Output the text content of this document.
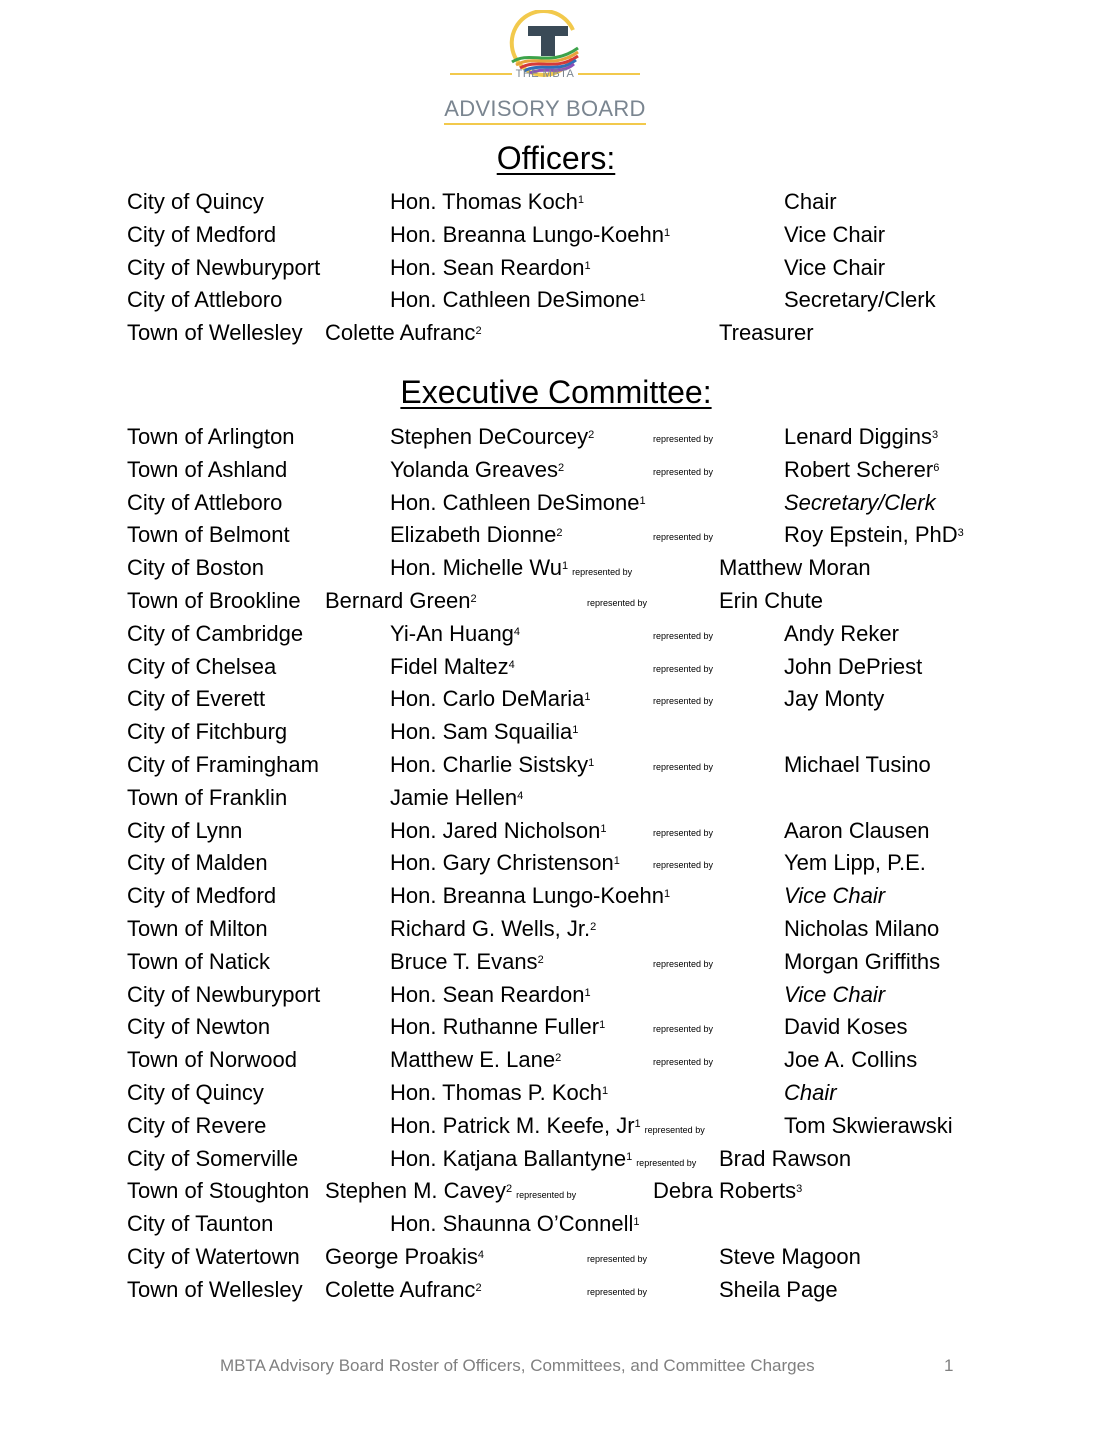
THE MBTA
ADVISORY BOARD
Officers:
City of Quincy	Hon. Thomas Koch$^1$	Chair
City of Medford	Hon. Breanna Lungo-Koehn$^1$	Vice Chair
City of Newburyport	Hon. Sean Reardon$^1$	Vice Chair
City of Attleboro	Hon. Cathleen DeSimone$^1$	Secretary/Clerk
Town of Wellesley Colette Aufranc$^2$	Treasurer
Executive Committee:
Town of Arlington	Stephen DeCourcey$^2$	represented by	Lenard Diggins$^3$
Town of Ashland	Yolanda Greaves$^2$	represented by	Robert Scherer$^6$
City of Attleboro	Hon. Cathleen DeSimone$^1$	Secretary/Clerk
Town of Belmont	Elizabeth Dionne$^2$	represented by	Roy Epstein, PhD$^3$
City of Boston	Hon. Michelle Wu$^1$ represented by	Matthew Moran
Town of Brookline Bernard Green$^2$	represented by	Erin Chute
City of Cambridge	Yi-An Huang$^4$	represented by	Andy Reker
City of Chelsea	Fidel Maltez$^4$	represented by	John DePriest
City of Everett	Hon. Carlo DeMaria$^1$	represented by	Jay Monty
City of Fitchburg	Hon. Sam Squailia$^1$
City of Framingham	Hon. Charlie Sistsky$^1$	represented by	Michael Tusino
Town of Franklin	Jamie Hellen$^4$
City of Lynn	Hon. Jared Nicholson$^1$	represented by	Aaron Clausen
City of Malden	Hon. Gary Christenson$^1$	represented by	Yem Lipp, P.E.
City of Medford	Hon. Breanna Lungo-Koehn$^1$	Vice Chair
Town of Milton	Richard G. Wells, Jr.$^2$	Nicholas Milano
Town of Natick	Bruce T. Evans$^2$	represented by	Morgan Griffiths
City of Newburyport	Hon. Sean Reardon$^1$	Vice Chair
City of Newton	Hon. Ruthanne Fuller$^1$	represented by	David Koses
Town of Norwood	Matthew E. Lane$^2$	represented by	Joe A. Collins
City of Quincy	Hon. Thomas P. Koch$^1$	Chair
City of Revere	Hon. Patrick M. Keefe, Jr$^1$ represented by	Tom Skwierawski
City of Somerville	Hon. Katjana Ballantyne$^1$ represented by Brad Rawson
Town of Stoughton Stephen M. Cavey$^2$ represented by	Debra Roberts$^3$
City of Taunton	Hon. Shaunna O’Connell$^1$
City of Watertown George Proakis$^4$	represented by	Steve Magoon
Town of Wellesley Colette Aufranc$^2$	represented by	Sheila Page
MBTA Advisory Board Roster of Officers, Committees, and Committee Charges	1
